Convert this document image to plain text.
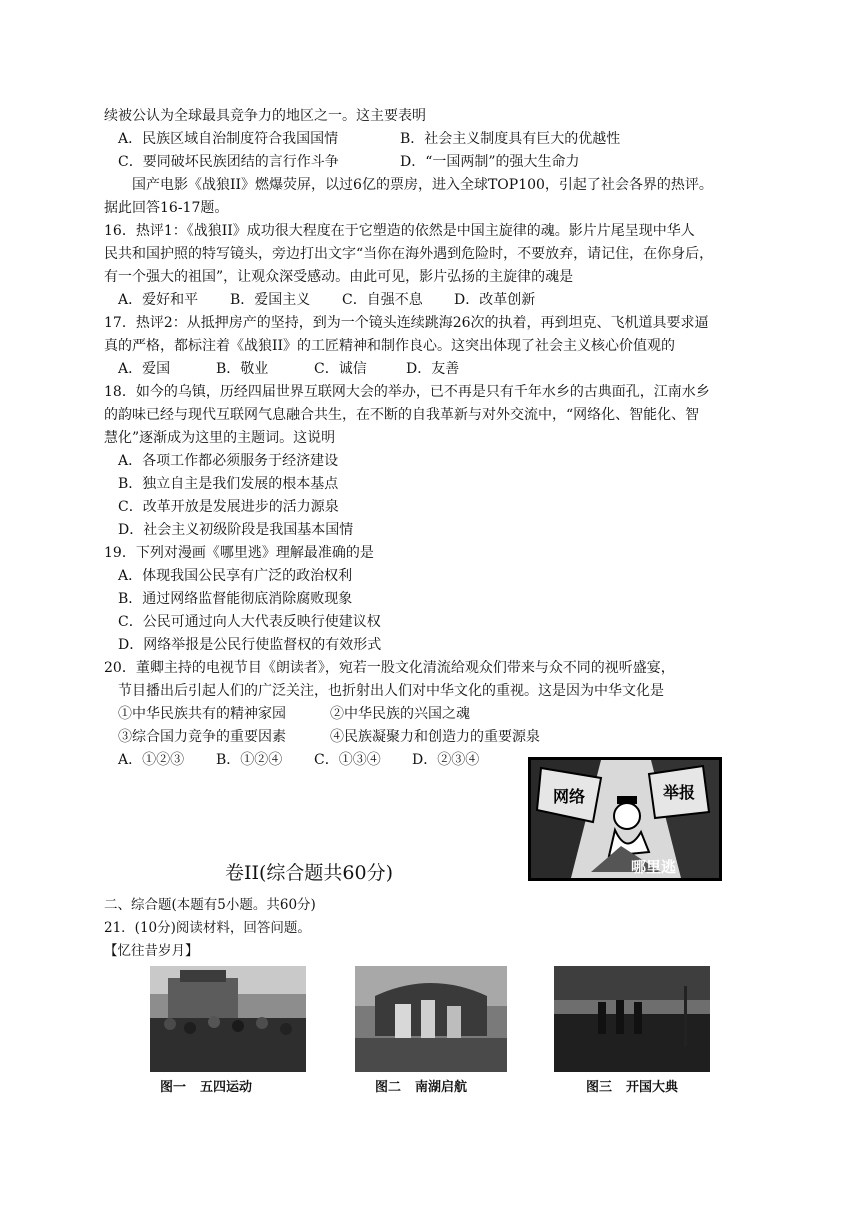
续被公认为全球最具竞争力的地区之一。这主要表明
A．民族区域自治制度符合我国国情	B．社会主义制度具有巨大的优越性
C．要同破坏民族团结的言行作斗争	D．“一国两制”的强大生命力
国产电影《战狼II》燃爆荧屏，以过6亿的票房，进入全球TOP100，引起了社会各界的热评。
据此回答16-17题。
16．热评1：《战狼II》成功很大程度在于它塑造的依然是中国主旋律的魂。影片片尾呈现中华人
民共和国护照的特写镜头，旁边打出文字“当你在海外遇到危险时，不要放弃，请记住，在你身后，
有一个强大的祖国”，让观众深受感动。由此可见，影片弘扬的主旋律的魂是
A．爱好和平 B．爱国主义 C．自强不息 D．改革创新
17．热评2：从抵押房产的坚持，到为一个镜头连续跳海26次的执着，再到坦克、飞机道具要求逼
真的严格，都标注着《战狼II》的工匠精神和制作良心。这突出体现了社会主义核心价值观的
A．爱国	B．敬业	C．诚信	D．友善
18．如今的乌镇，历经四届世界互联网大会的举办，已不再是只有千年水乡的古典面孔，江南水乡
的韵味已经与现代互联网气息融合共生，在不断的自我革新与对外交流中，“网络化、智能化、智
慧化”逐渐成为这里的主题词。这说明
A．各项工作都必须服务于经济建设
B．独立自主是我们发展的根本基点
C．改革开放是发展进步的活力源泉
D．社会主义初级阶段是我国基本国情
19．下列对漫画《哪里逃》理解最准确的是
A．体现我国公民享有广泛的政治权利
B．通过网络监督能彻底消除腐败现象
C．公民可通过向人大代表反映行使建议权
D．网络举报是公民行使监督权的有效形式
20．董卿主持的电视节目《朗读者》，宛若一股文化清流给观众们带来与众不同的视听盛宴，
节目播出后引起人们的广泛关注，也折射出人们对中华文化的重视。这是因为中华文化是
①中华民族共有的精神家园	②中华民族的兴国之魂
③综合国力竞争的重要因素	④民族凝聚力和创造力的重要源泉
A．①②③ B．①②④ C．①③④ D．②③④
网络	举报
哪里逃
卷II(综合题共60分)
二、综合题(本题有5小题。共60分)
21．(10分)阅读材料，回答问题。
【忆往昔岁月】
图一 五四运动	图二 南湖启航	图三 开国大典
